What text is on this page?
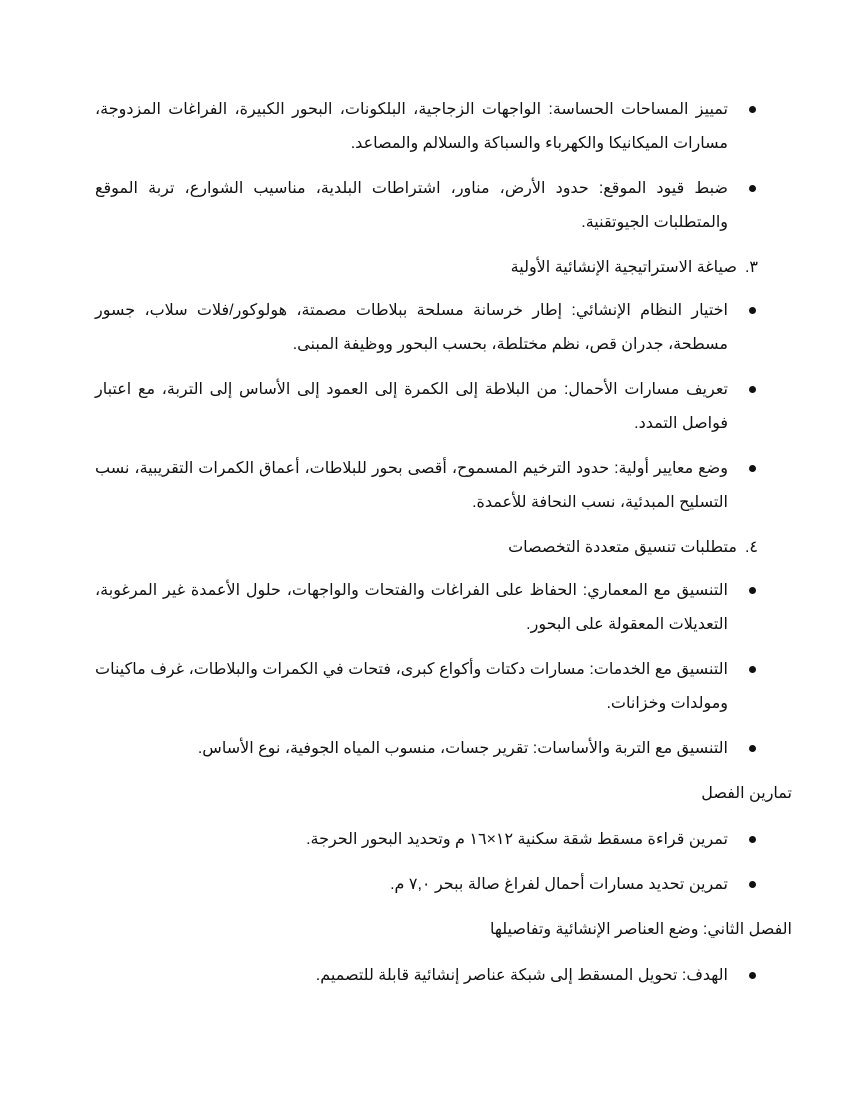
تمييز المساحات الحساسة: الواجهات الزجاجية، البلكونات، البحور الكبيرة، الفراغات المزدوجة، مسارات الميكانيكا والكهرباء والسباكة والسلالم والمصاعد.
ضبط قيود الموقع: حدود الأرض، مناور، اشتراطات البلدية، مناسيب الشوارع، تربة الموقع والمتطلبات الجيوتقنية.
٣.صياغة الاستراتيجية الإنشائية الأولية
اختيار النظام الإنشائي: إطار خرسانة مسلحة ببلاطات مصمتة، هولوكور/فلات سلاب، جسور مسطحة، جدران قص، نظم مختلطة، بحسب البحور ووظيفة المبنى.
تعريف مسارات الأحمال: من البلاطة إلى الكمرة إلى العمود إلى الأساس إلى التربة، مع اعتبار فواصل التمدد.
وضع معايير أولية: حدود الترخيم المسموح، أقصى بحور للبلاطات، أعماق الكمرات التقريبية، نسب التسليح المبدئية، نسب النحافة للأعمدة.
٤.متطلبات تنسيق متعددة التخصصات
التنسيق مع المعماري: الحفاظ على الفراغات والفتحات والواجهات، حلول الأعمدة غير المرغوبة، التعديلات المعقولة على البحور.
التنسيق مع الخدمات: مسارات دكتات وأكواع كبرى، فتحات في الكمرات والبلاطات، غرف ماكينات ومولدات وخزانات.
التنسيق مع التربة والأساسات: تقرير جسات، منسوب المياه الجوفية، نوع الأساس.
تمارين الفصل
تمرين قراءة مسقط شقة سكنية ١٢×١٦ م وتحديد البحور الحرجة.
تمرين تحديد مسارات أحمال لفراغ صالة ببحر ٧,٠ م.
الفصل الثاني: وضع العناصر الإنشائية وتفاصيلها
الهدف: تحويل المسقط إلى شبكة عناصر إنشائية قابلة للتصميم.
